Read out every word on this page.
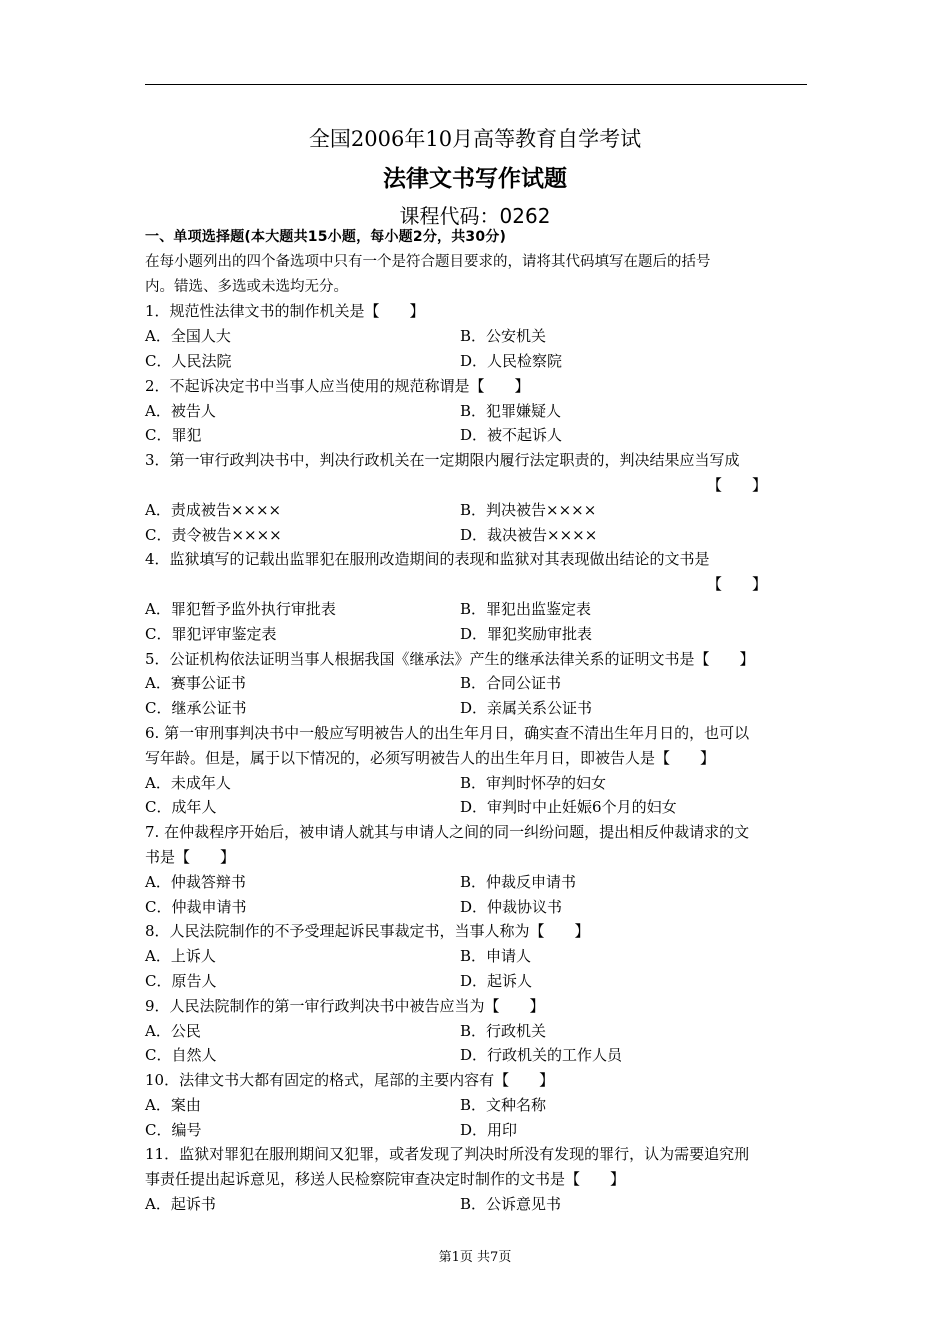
全国2006年10月高等教育自学考试
法律文书写作试题
课程代码：0262
一、单项选择题(本大题共15小题，每小题2分，共30分)
在每小题列出的四个备选项中只有一个是符合题目要求的，请将其代码填写在题后的括号
内。错选、多选或未选均无分。
1．规范性法律文书的制作机关是【　　】
A．全国人大	B．公安机关
C．人民法院	D．人民检察院
2．不起诉决定书中当事人应当使用的规范称谓是【　　】
A．被告人	B．犯罪嫌疑人
C．罪犯	D．被不起诉人
3．第一审行政判决书中，判决行政机关在一定期限内履行法定职责的，判决结果应当写成
【　　】
A．责成被告××××	B．判决被告××××
C．责令被告××××	D．裁决被告××××
4．监狱填写的记载出监罪犯在服刑改造期间的表现和监狱对其表现做出结论的文书是
【　　】
A．罪犯暂予监外执行审批表	B．罪犯出监鉴定表
C．罪犯评审鉴定表	D．罪犯奖励审批表
5．公证机构依法证明当事人根据我国《继承法》产生的继承法律关系的证明文书是【　　】
A．赛事公证书	B．合同公证书
C．继承公证书	D．亲属关系公证书
6. 第一审刑事判决书中一般应写明被告人的出生年月日，确实查不清出生年月日的，也可以
写年龄。但是，属于以下情况的，必须写明被告人的出生年月日，即被告人是【　　】
A．未成年人	B．审判时怀孕的妇女
C．成年人	D．审判时中止妊娠6个月的妇女
7. 在仲裁程序开始后，被申请人就其与申请人之间的同一纠纷问题，提出相反仲裁请求的文
书是【　　】
A．仲裁答辩书	B．仲裁反申请书
C．仲裁申请书	D．仲裁协议书
8．人民法院制作的不予受理起诉民事裁定书，当事人称为【　　】
A．上诉人	B．申请人
C．原告人	D．起诉人
9．人民法院制作的第一审行政判决书中被告应当为【　　】
A．公民	B．行政机关
C．自然人	D．行政机关的工作人员
10．法律文书大都有固定的格式，尾部的主要内容有【　　】
A．案由	B．文种名称
C．编号	D．用印
11．监狱对罪犯在服刑期间又犯罪，或者发现了判决时所没有发现的罪行，认为需要追究刑
事责任提出起诉意见，移送人民检察院审查决定时制作的文书是【　　】
A．起诉书	B．公诉意见书
第1页 共7页
